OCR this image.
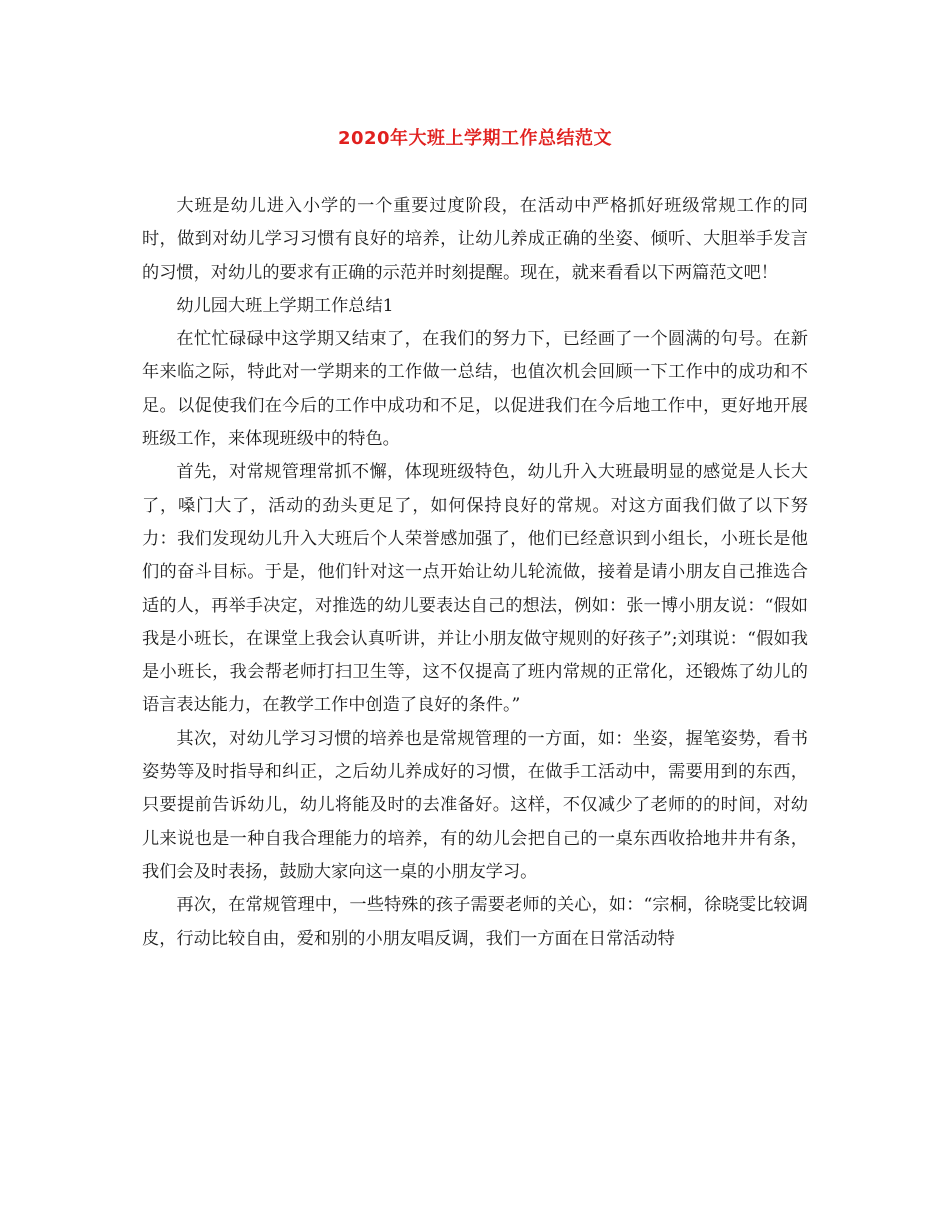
2020年大班上学期工作总结范文

大班是幼儿进入小学的一个重要过度阶段，在活动中严格抓好班级常规工作的同时，做到对幼儿学习习惯有良好的培养，让幼儿养成正确的坐姿、倾听、大胆举手发言的习惯，对幼儿的要求有正确的示范并时刻提醒。现在，就来看看以下两篇范文吧！

幼儿园大班上学期工作总结1

在忙忙碌碌中这学期又结束了，在我们的努力下，已经画了一个圆满的句号。在新年来临之际，特此对一学期来的工作做一总结，也值次机会回顾一下工作中的成功和不足。以促使我们在今后的工作中成功和不足，以促进我们在今后地工作中，更好地开展班级工作，来体现班级中的特色。

首先，对常规管理常抓不懈，体现班级特色，幼儿升入大班最明显的感觉是人长大了，嗓门大了，活动的劲头更足了，如何保持良好的常规。对这方面我们做了以下努力：我们发现幼儿升入大班后个人荣誉感加强了，他们已经意识到小组长，小班长是他们的奋斗目标。于是，他们针对这一点开始让幼儿轮流做，接着是请小朋友自己推选合适的人，再举手决定，对推选的幼儿要表达自己的想法，例如：张一博小朋友说：“假如我是小班长，在课堂上我会认真听讲，并让小朋友做守规则的好孩子”;刘琪说：“假如我是小班长，我会帮老师打扫卫生等，这不仅提高了班内常规的正常化，还锻炼了幼儿的语言表达能力，在教学工作中创造了良好的条件。”

其次，对幼儿学习习惯的培养也是常规管理的一方面，如：坐姿，握笔姿势，看书姿势等及时指导和纠正，之后幼儿养成好的习惯，在做手工活动中，需要用到的东西，只要提前告诉幼儿，幼儿将能及时的去准备好。这样，不仅减少了老师的的时间，对幼儿来说也是一种自我合理能力的培养，有的幼儿会把自己的一桌东西收拾地井井有条，我们会及时表扬，鼓励大家向这一桌的小朋友学习。

再次，在常规管理中，一些特殊的孩子需要老师的关心，如：“宗桐，徐晓雯比较调皮，行动比较自由，爱和别的小朋友唱反调，我们一方面在日常活动特
